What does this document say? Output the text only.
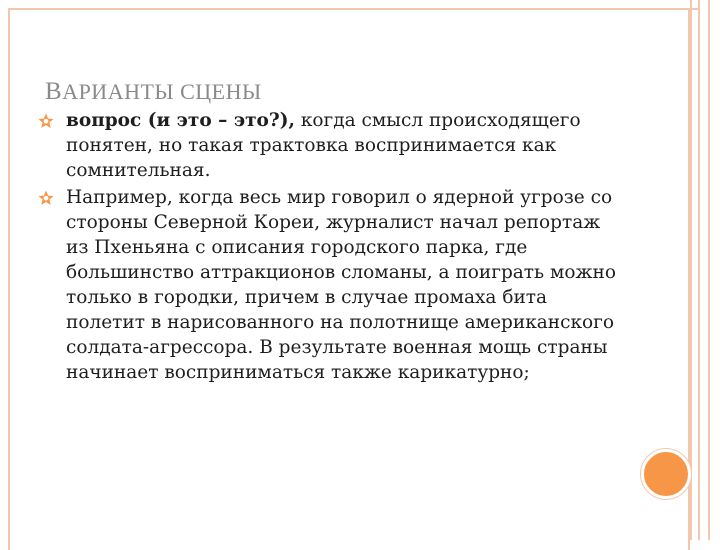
ВАРИАНТЫ СЦЕНЫ
вопрос (и это – это?), когда смысл происходящего понятен, но такая трактовка воспринимается как сомнительная.
Например, когда весь мир говорил о ядерной угрозе со стороны Северной Кореи, журналист начал репортаж из Пхеньяна с описания городского парка, где большинство аттракционов сломаны, а поиграть можно только в городки, причем в случае промаха бита полетит в нарисованного на полотнище американского солдата-агрессора. В результате военная мощь страны начинает восприниматься также карикатурно;
